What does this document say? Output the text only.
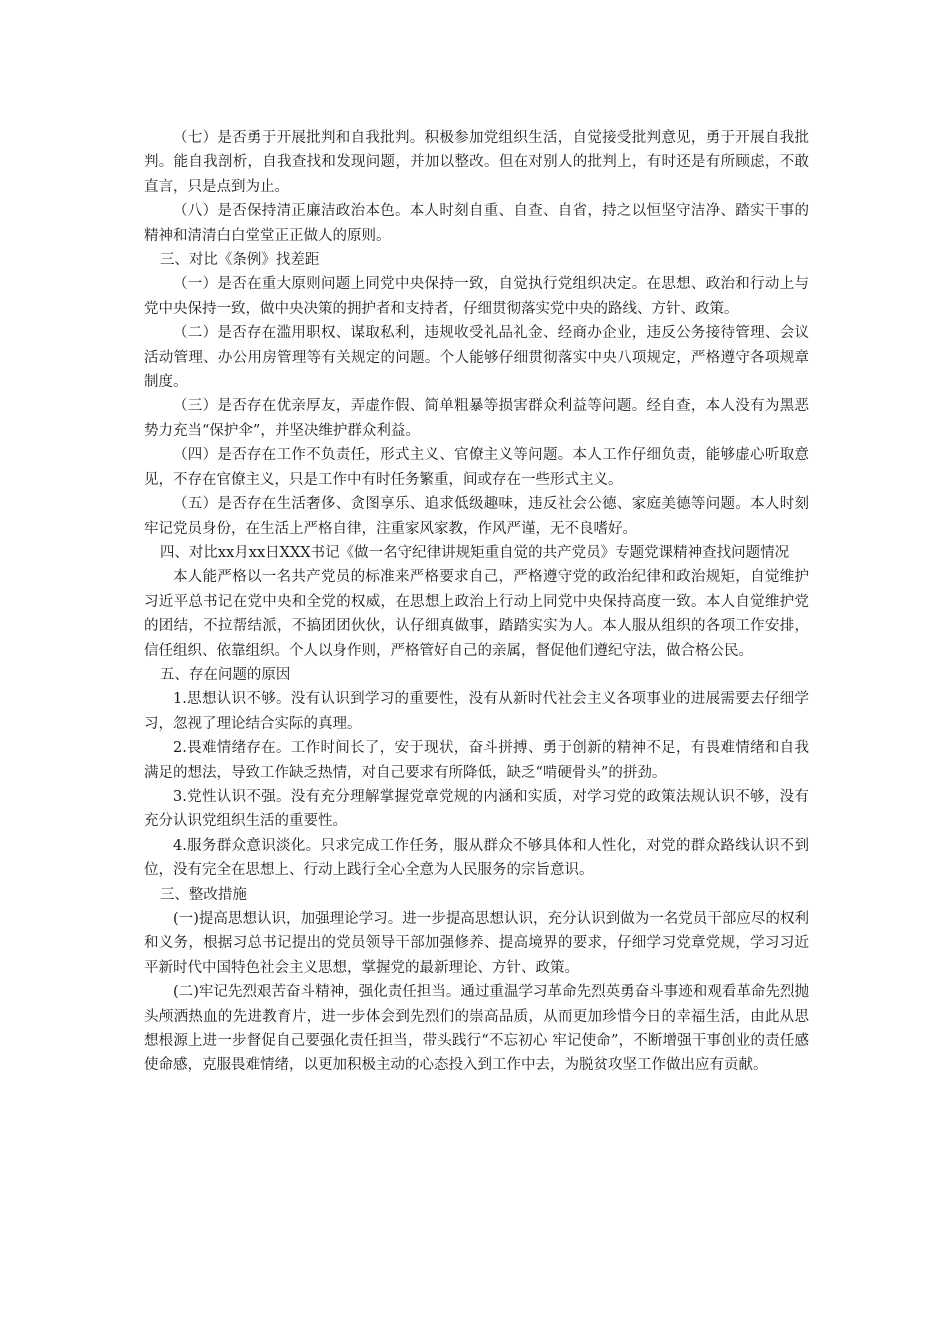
（七）是否勇于开展批判和自我批判。积极参加党组织生活，自觉接受批判意见，勇于开展自我批判。能自我剖析，自我查找和发现问题，并加以整改。但在对别人的批判上，有时还是有所顾虑，不敢直言，只是点到为止。

（八）是否保持清正廉洁政治本色。本人时刻自重、自查、自省，持之以恒坚守洁净、踏实干事的精神和清清白白堂堂正正做人的原则。

三、对比《条例》找差距

（一）是否在重大原则问题上同党中央保持一致，自觉执行党组织决定。在思想、政治和行动上与党中央保持一致，做中央决策的拥护者和支持者，仔细贯彻落实党中央的路线、方针、政策。

（二）是否存在滥用职权、谋取私利，违规收受礼品礼金、经商办企业，违反公务接待管理、会议活动管理、办公用房管理等有关规定的问题。个人能够仔细贯彻落实中央八项规定，严格遵守各项规章制度。

（三）是否存在优亲厚友，弄虚作假、简单粗暴等损害群众利益等问题。经自查，本人没有为黑恶势力充当“保护伞”，并坚决维护群众利益。

（四）是否存在工作不负责任，形式主义、官僚主义等问题。本人工作仔细负责，能够虚心听取意见，不存在官僚主义，只是工作中有时任务繁重，间或存在一些形式主义。

（五）是否存在生活奢侈、贪图享乐、追求低级趣味，违反社会公德、家庭美德等问题。本人时刻牢记党员身份，在生活上严格自律，注重家风家教，作风严谨，无不良嗜好。

四、对比xx月xx日XXX书记《做一名守纪律讲规矩重自觉的共产党员》专题党课精神查找问题情况

本人能严格以一名共产党员的标准来严格要求自己，严格遵守党的政治纪律和政治规矩，自觉维护习近平总书记在党中央和全党的权威，在思想上政治上行动上同党中央保持高度一致。本人自觉维护党的团结，不拉帮结派，不搞团团伙伙，认仔细真做事，踏踏实实为人。本人服从组织的各项工作安排，信任组织、依靠组织。个人以身作则，严格管好自己的亲属，督促他们遵纪守法，做合格公民。

五、存在问题的原因

1.思想认识不够。没有认识到学习的重要性，没有从新时代社会主义各项事业的进展需要去仔细学习，忽视了理论结合实际的真理。

2.畏难情绪存在。工作时间长了，安于现状，奋斗拼搏、勇于创新的精神不足，有畏难情绪和自我满足的想法，导致工作缺乏热情，对自己要求有所降低，缺乏“啃硬骨头”的拼劲。

3.党性认识不强。没有充分理解掌握党章党规的内涵和实质，对学习党的政策法规认识不够，没有充分认识党组织生活的重要性。

4.服务群众意识淡化。只求完成工作任务，服从群众不够具体和人性化，对党的群众路线认识不到位，没有完全在思想上、行动上践行全心全意为人民服务的宗旨意识。

三、整改措施

(一)提高思想认识，加强理论学习。进一步提高思想认识，充分认识到做为一名党员干部应尽的权利和义务，根据习总书记提出的党员领导干部加强修养、提高境界的要求，仔细学习党章党规，学习习近平新时代中国特色社会主义思想，掌握党的最新理论、方针、政策。

(二)牢记先烈艰苦奋斗精神，强化责任担当。通过重温学习革命先烈英勇奋斗事迹和观看革命先烈抛头颅洒热血的先进教育片，进一步体会到先烈们的崇高品质，从而更加珍惜今日的幸福生活，由此从思想根源上进一步督促自己要强化责任担当，带头践行“不忘初心 牢记使命”，不断增强干事创业的责任感使命感，克服畏难情绪，以更加积极主动的心态投入到工作中去，为脱贫攻坚工作做出应有贡献。
